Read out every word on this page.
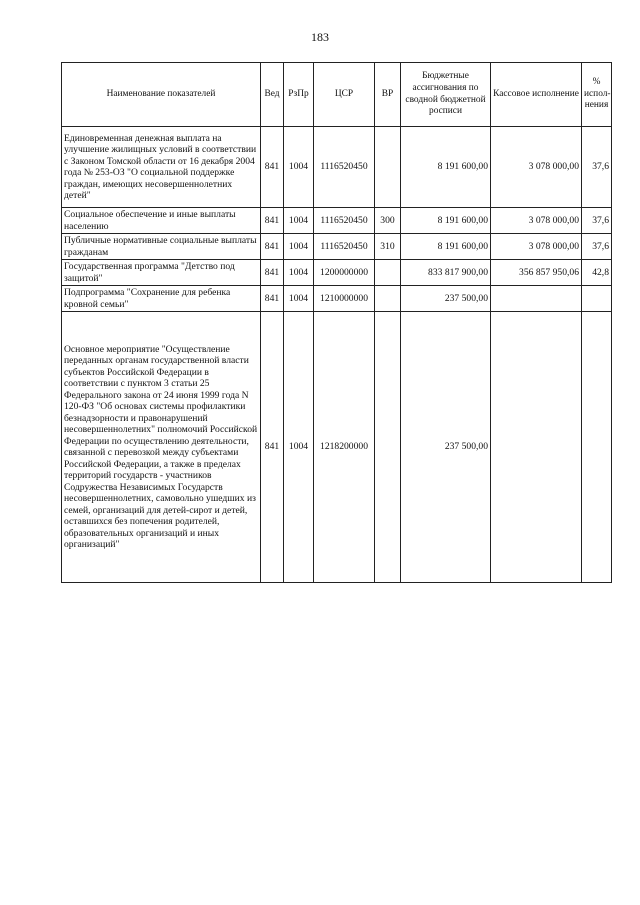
183
Наименование показателей	Вед	РзПр	ЦСР	ВР	Бюджетные ассигнования по сводной бюджетной росписи	Кассовое исполнение	% испол- нения
Единовременная денежная выплата на улучшение жилищных условий в соответствии с Законом Томской области от 16 декабря 2004 года № 253-ОЗ "О социальной поддержке граждан, имеющих несовершеннолетних детей"	841	1004	1116520450		8 191 600,00	3 078 000,00	37,6
Социальное обеспечение и иные выплаты населению	841	1004	1116520450	300	8 191 600,00	3 078 000,00	37,6
Публичные нормативные социальные выплаты гражданам	841	1004	1116520450	310	8 191 600,00	3 078 000,00	37,6
Государственная программа "Детство под защитой"	841	1004	1200000000		833 817 900,00	356 857 950,06	42,8
Подпрограмма "Сохранение для ребенка кровной семьи"	841	1004	1210000000		237 500,00		
Основное мероприятие "Осуществление переданных органам государственной власти субъектов Российской Федерации в соответствии с пунктом 3 статьи 25 Федерального закона от 24 июня 1999 года N 120-ФЗ "Об основах системы профилактики безнадзорности и правонарушений несовершеннолетних" полномочий Российской Федерации по осуществлению деятельности, связанной с перевозкой между субъектами Российской Федерации, а также в пределах территорий государств - участников Содружества Независимых Государств несовершеннолетних, самовольно ушедших из семей, организаций для детей-сирот и детей, оставшихся без попечения родителей, образовательных организаций и иных организаций"	841	1004	1218200000		237 500,00		
